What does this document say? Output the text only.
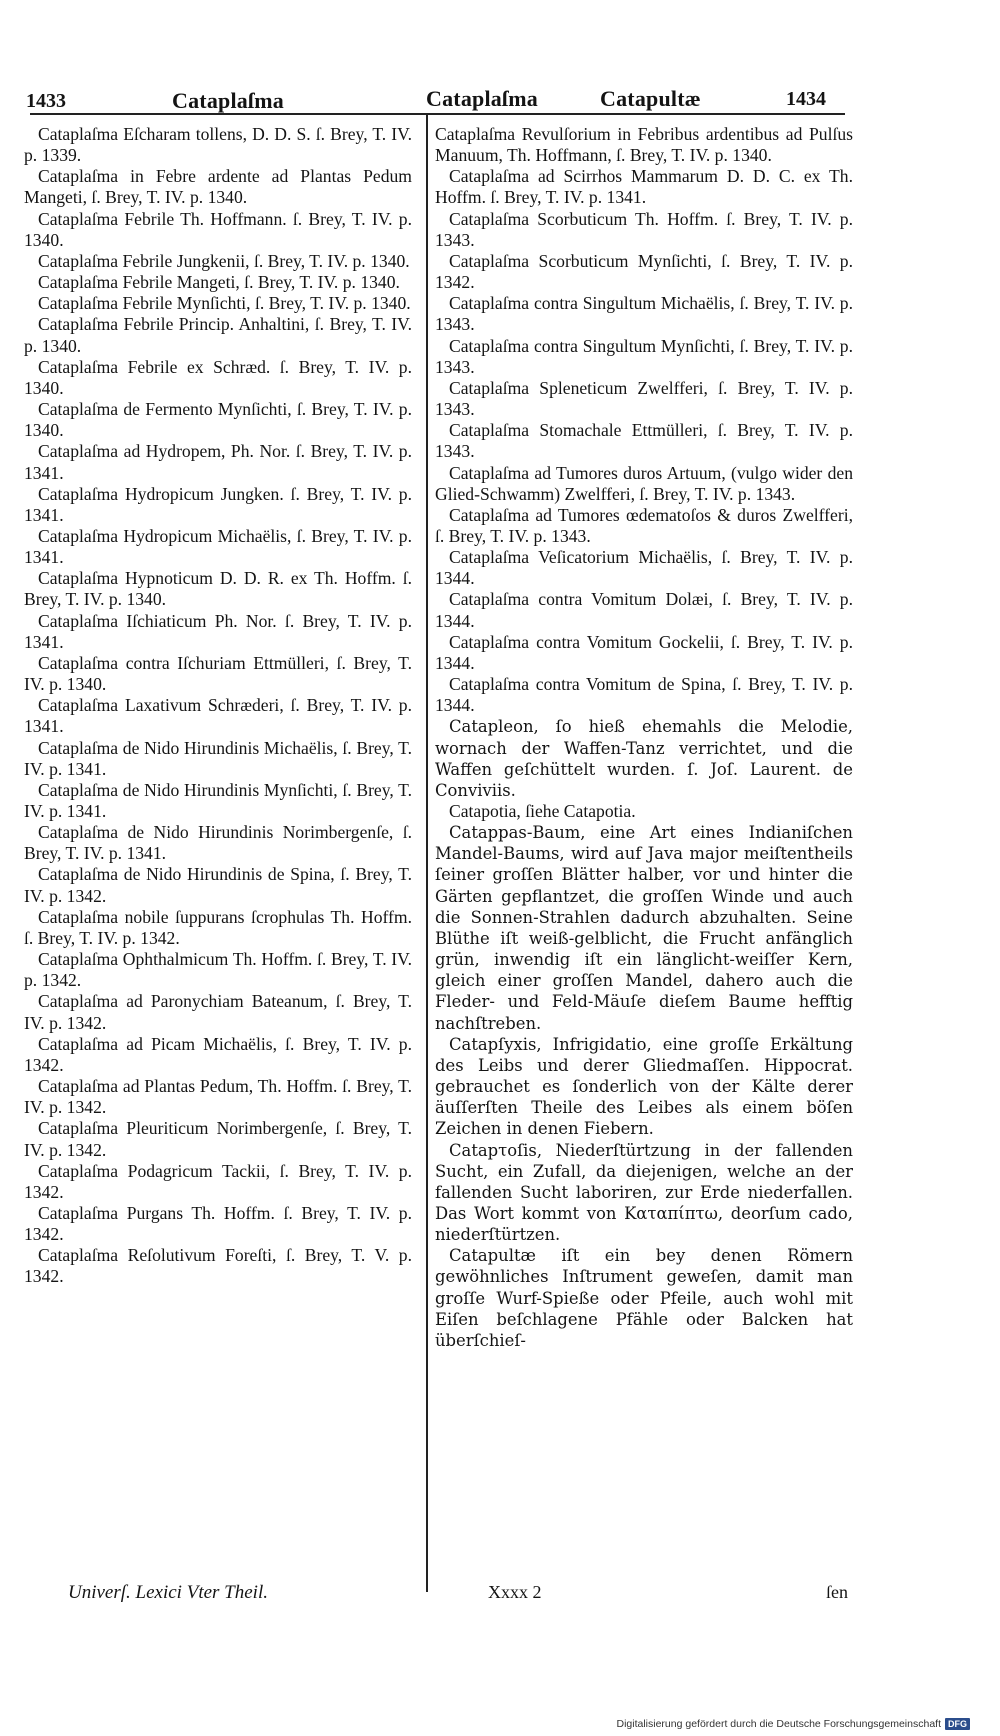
1433	Cataplaſma	Cataplaſma	Catapultæ	1434

Cataplaſma Eſcharam tollens, D. D. S. ſ. Brey, T. IV. p. 1339.

Cataplaſma in Febre ardente ad Plantas Pedum Mangeti, ſ. Brey, T. IV. p. 1340.

Cataplaſma Febrile Th. Hoffmann. ſ. Brey, T. IV. p. 1340.

Cataplaſma Febrile Jungkenii, ſ. Brey, T. IV. p. 1340.

Cataplaſma Febrile Mangeti, ſ. Brey, T. IV. p. 1340.

Cataplaſma Febrile Mynſichti, ſ. Brey, T. IV. p. 1340.

Cataplaſma Febrile Princip. Anhaltini, ſ. Brey, T. IV. p. 1340.

Cataplaſma Febrile ex Schræd. ſ. Brey, T. IV. p. 1340.

Cataplaſma de Fermento Mynſichti, ſ. Brey, T. IV. p. 1340.

Cataplaſma ad Hydropem, Ph. Nor. ſ. Brey, T. IV. p. 1341.

Cataplaſma Hydropicum Jungken. ſ. Brey, T. IV. p. 1341.

Cataplaſma Hydropicum Michaëlis, ſ. Brey, T. IV. p. 1341.

Cataplaſma Hypnoticum D. D. R. ex Th. Hoffm. ſ. Brey, T. IV. p. 1340.

Cataplaſma Iſchiaticum Ph. Nor. ſ. Brey, T. IV. p. 1341.

Cataplaſma contra Iſchuriam Ettmülleri, ſ. Brey, T. IV. p. 1340.

Cataplaſma Laxativum Schræderi, ſ. Brey, T. IV. p. 1341.

Cataplaſma de Nido Hirundinis Michaëlis, ſ. Brey, T. IV. p. 1341.

Cataplaſma de Nido Hirundinis Mynſichti, ſ. Brey, T. IV. p. 1341.

Cataplaſma de Nido Hirundinis Norimbergenſe, ſ. Brey, T. IV. p. 1341.

Cataplaſma de Nido Hirundinis de Spina, ſ. Brey, T. IV. p. 1342.

Cataplaſma nobile ſuppurans ſcrophulas Th. Hoffm. ſ. Brey, T. IV. p. 1342.

Cataplaſma Ophthalmicum Th. Hoffm. ſ. Brey, T. IV. p. 1342.

Cataplaſma ad Paronychiam Bateanum, ſ. Brey, T. IV. p. 1342.

Cataplaſma ad Picam Michaëlis, ſ. Brey, T. IV. p. 1342.

Cataplaſma ad Plantas Pedum, Th. Hoffm. ſ. Brey, T. IV. p. 1342.

Cataplaſma Pleuriticum Norimbergenſe, ſ. Brey, T. IV. p. 1342.

Cataplaſma Podagricum Tackii, ſ. Brey, T. IV. p. 1342.

Cataplaſma Purgans Th. Hoffm. ſ. Brey, T. IV. p. 1342.

Cataplaſma Reſolutivum Foreſti, ſ. Brey, T. V. p. 1342.

Cataplaſma Revulſorium in Febribus ardentibus ad Pulſus Manuum, Th. Hoffmann, ſ. Brey, T. IV. p. 1340.

Cataplaſma ad Scirrhos Mammarum D. D. C. ex Th. Hoffm. ſ. Brey, T. IV. p. 1341.

Cataplaſma Scorbuticum Th. Hoffm. ſ. Brey, T. IV. p. 1343.

Cataplaſma Scorbuticum Mynſichti, ſ. Brey, T. IV. p. 1342.

Cataplaſma contra Singultum Michaëlis, ſ. Brey, T. IV. p. 1343.

Cataplaſma contra Singultum Mynſichti, ſ. Brey, T. IV. p. 1343.

Cataplaſma Spleneticum Zwelfferi, ſ. Brey, T. IV. p. 1343.

Cataplaſma Stomachale Ettmülleri, ſ. Brey, T. IV. p. 1343.

Cataplaſma ad Tumores duros Artuum, (vulgo wider den Glied-Schwamm) Zwelfferi, ſ. Brey, T. IV. p. 1343.

Cataplaſma ad Tumores œdematoſos & duros Zwelfferi, ſ. Brey, T. IV. p. 1343.

Cataplaſma Veſicatorium Michaëlis, ſ. Brey, T. IV. p. 1344.

Cataplaſma contra Vomitum Dolæi, ſ. Brey, T. IV. p. 1344.

Cataplaſma contra Vomitum Gockelii, ſ. Brey, T. IV. p. 1344.

Cataplaſma contra Vomitum de Spina, ſ. Brey, T. IV. p. 1344.

Catapleon, ſo hieß ehemahls die Melodie, wornach der Waffen-Tanz verrichtet, und die Waffen geſchüttelt wurden. ſ. Joſ. Laurent. de Conviviis.

Catapotia, ſiehe Catapotia.

Catappas-Baum, eine Art eines Indianiſchen Mandel-Baums, wird auf Java major meiſtentheils ſeiner groſſen Blätter halber, vor und hinter die Gärten gepflantzet, die groſſen Winde und auch die Sonnen-Strahlen dadurch abzuhalten. Seine Blüthe iſt weiß-gelblicht, die Frucht anfänglich grün, inwendig iſt ein länglicht-weiſſer Kern, gleich einer groſſen Mandel, dahero auch die Fleder- und Feld-Mäuſe dieſem Baume hefftig nachſtreben.

Catapſyxis, Infrigidatio, eine groſſe Erkältung des Leibs und derer Gliedmaſſen. Hippocrat. gebrauchet es ſonderlich von der Kälte derer äuſſerſten Theile des Leibes als einem böſen Zeichen in denen Fiebern.

Catapτoſis, Niederſtürtzung in der fallenden Sucht, ein Zufall, da diejenigen, welche an der fallenden Sucht laboriren, zur Erde niederfallen. Das Wort kommt von Καταπίπτω, deorſum cado, niederſtürtzen.

Catapultæ iſt ein bey denen Römern gewöhnliches Inſtrument geweſen, damit man groſſe Wurf-Spieße oder Pfeile, auch wohl mit Eiſen beſchlagene Pfähle oder Balcken hat überſchieſ-

Univerſ. Lexici Vter Theil.	Xxxx 2	ſen
Digitalisierung gefördert durch die Deutsche Forschungsgemeinschaft DFG
